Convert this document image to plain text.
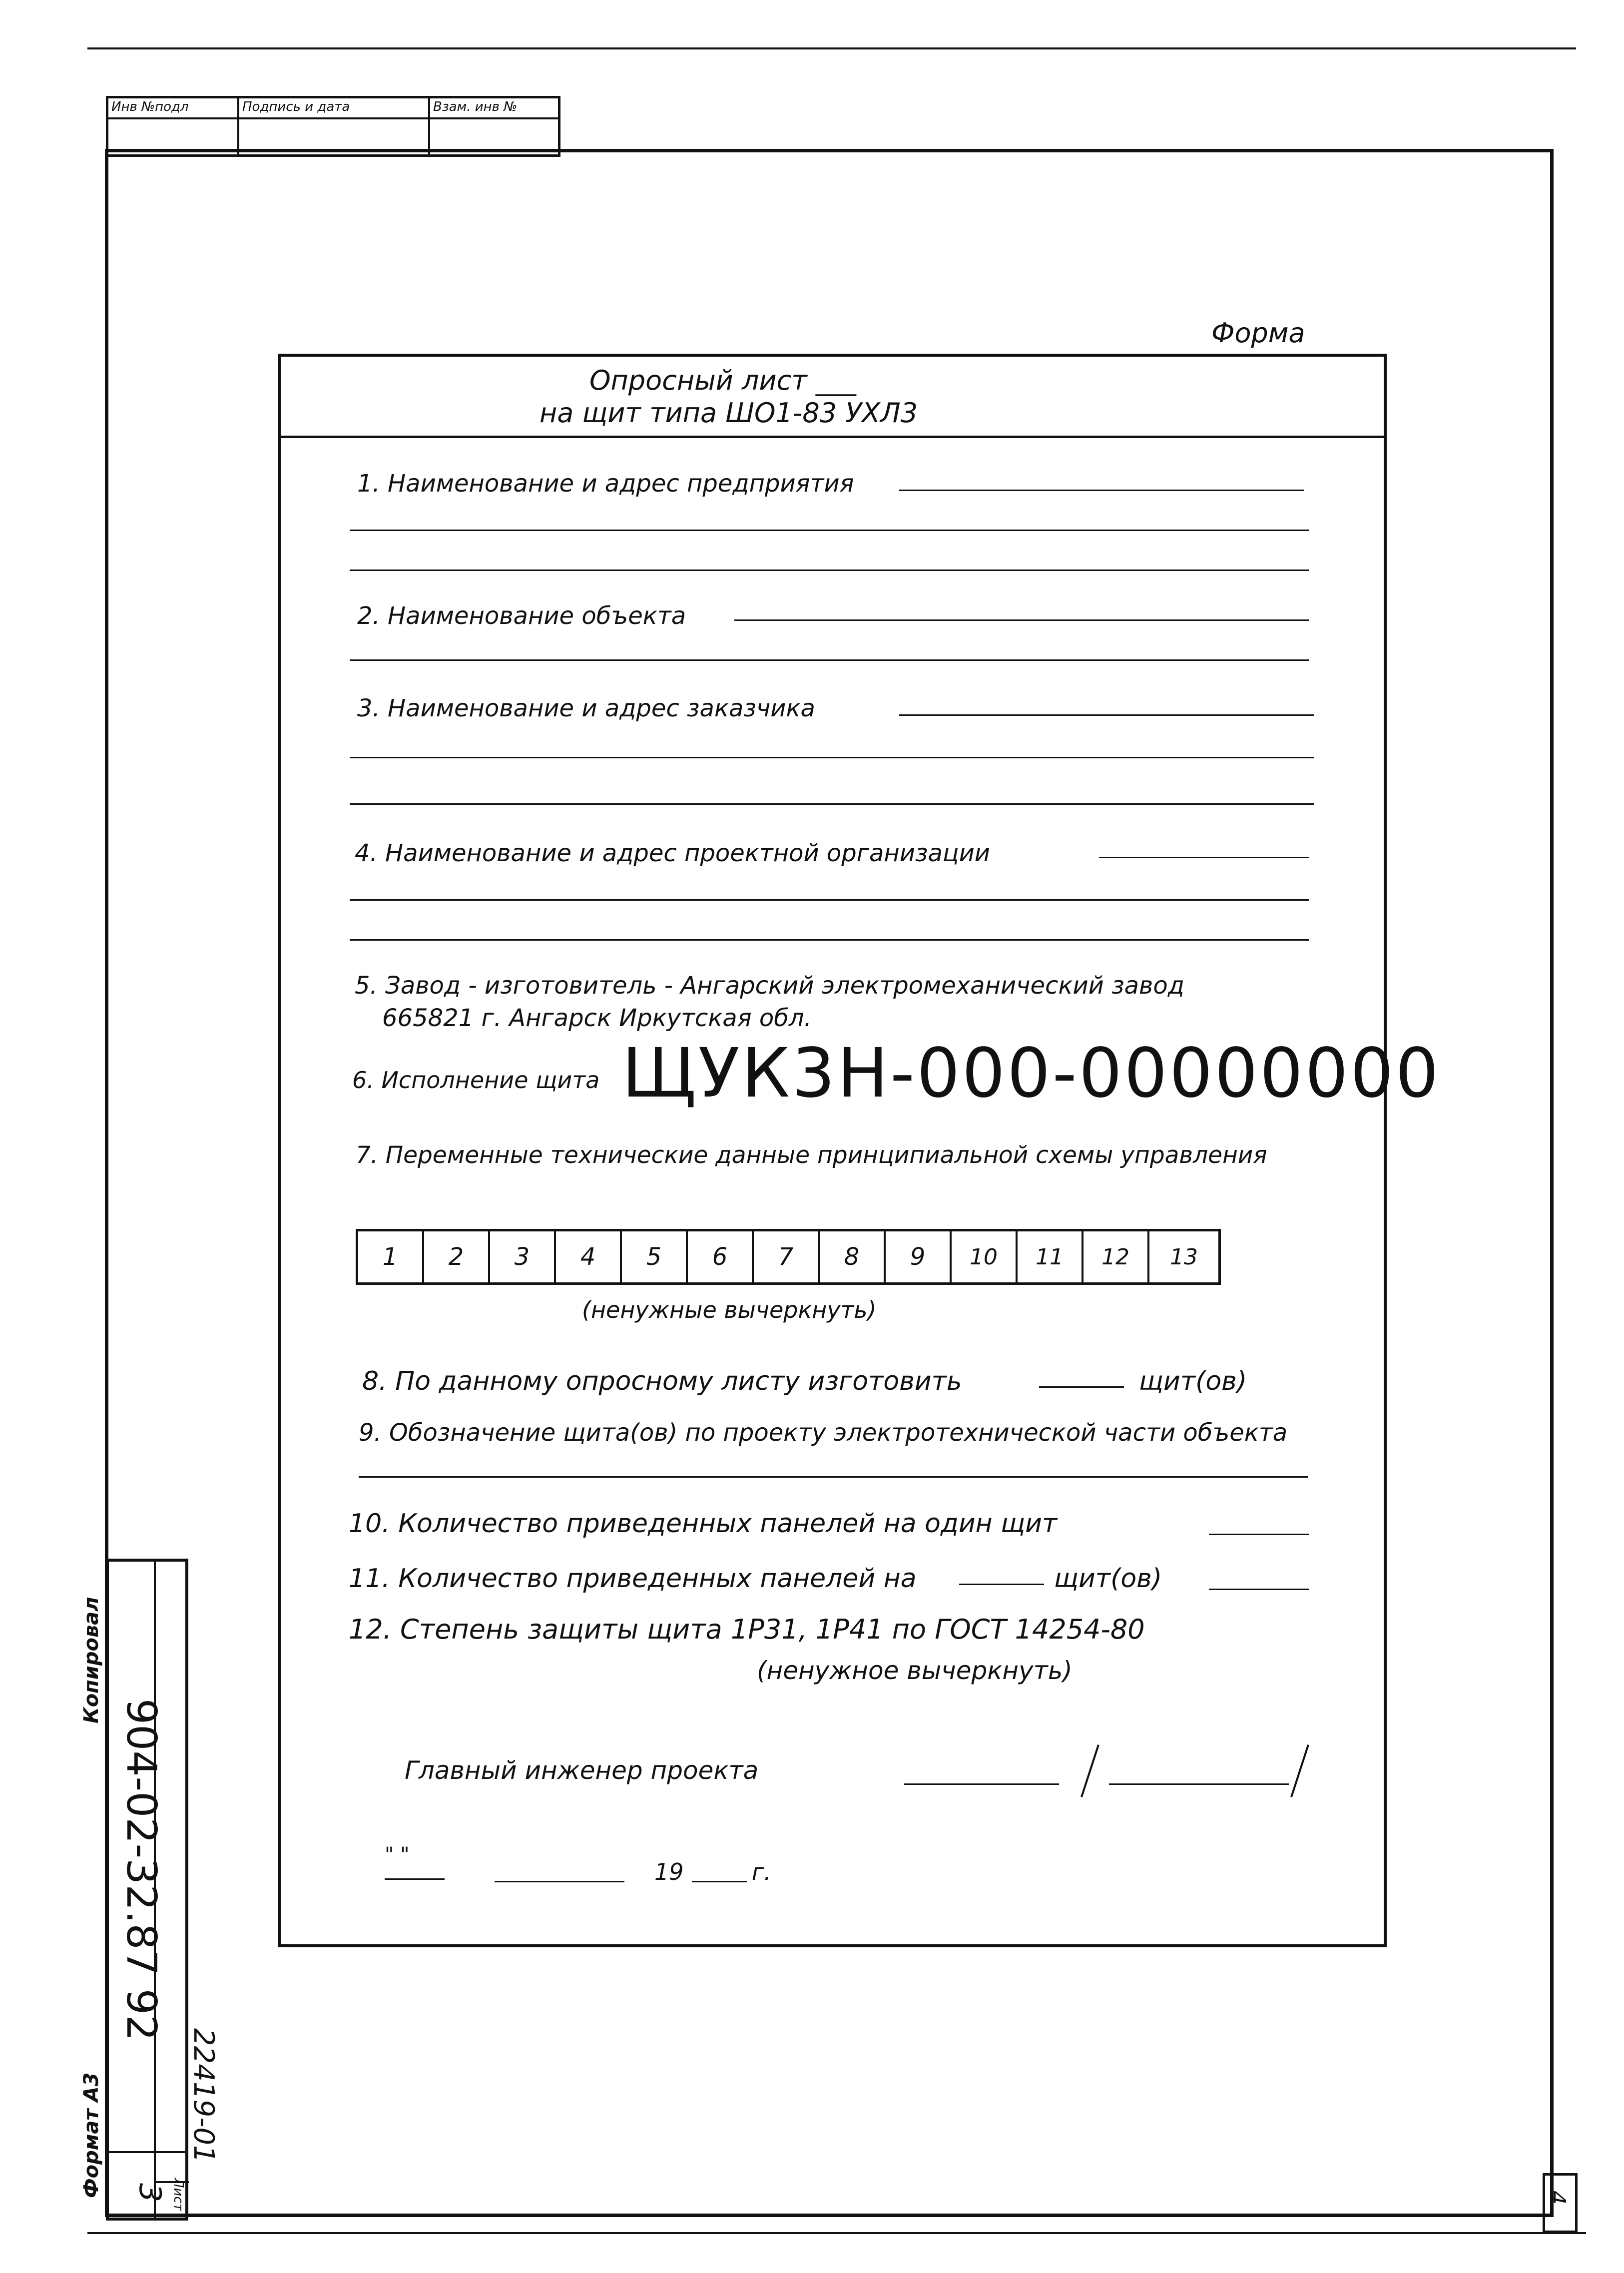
Инв №подл	Подпись и дата	Взам. инв №
4
904-02-32.87 92
22419-01
3 Лист
Копировал
Формат А3
Форма
Опросный лист ___
на щит типа ШО1-83 УХЛ3
1. Наименование и адрес предприятия
2. Наименование объекта
3. Наименование и адрес заказчика
4. Наименование и адрес проектной организации
5. Завод - изготовитель - Ангарский электромеханический завод
665821 г. Ангарск Иркутская обл.
6. Исполнение щита ЩУК3Н-000-00000000
7. Переменные технические данные принципиальной схемы управления
1 2 3 4 5 6 7 8 9 10 11 12 13
(ненужные вычеркнуть)
8. По данному опросному листу изготовить	щит(ов)
9. Обозначение щита(ов) по проекту электротехнической части объекта
10. Количество приведенных панелей на один щит
11. Количество приведенных панелей на	щит(ов)
12. Степень защиты щита 1Р31, 1Р41 по ГОСТ 14254-80
(ненужное вычеркнуть)
Главный инженер проекта
" "
19	г.
